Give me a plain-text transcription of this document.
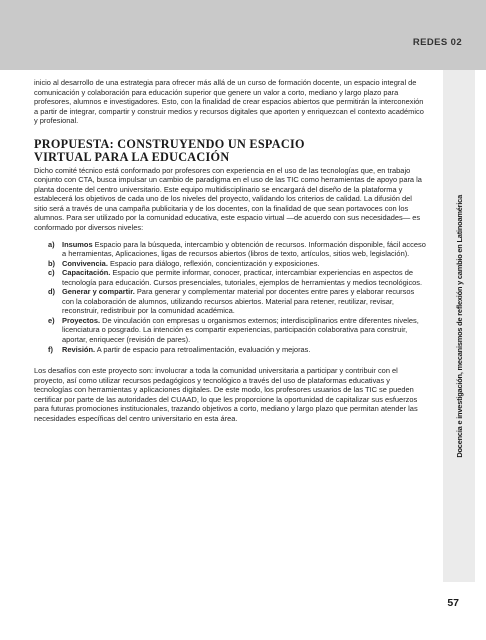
REDES 02
Docencia e investigación, mecanismos de reflexión y cambio en Latinoamérica

inicio al desarrollo de una estrategia para ofrecer más allá de un curso de formación docente, un espacio integral de comunicación y colaboración para educación superior que genere un valor a corto, mediano y largo plazo para profesores, alumnos e investigadores. Esto, con la finalidad de crear espacios abiertos que permitirán la interconexión a partir de integrar, compartir y construir medios y recursos digitales que aporten y enriquezcan el contexto académico y profesional.

PROPUESTA: CONSTRUYENDO UN ESPACIO
VIRTUAL PARA LA EDUCACIÓN

Dicho comité técnico está conformado por profesores con experiencia en el uso de las tecnologías que, en trabajo conjunto con CTA, busca impulsar un cambio de paradigma en el uso de las TIC como herramientas de apoyo para la planta docente del centro universitario. Este equipo multidisciplinario se encargará del diseño de la plataforma y establecerá los objetivos de cada uno de los niveles del proyecto, validando los criterios de calidad. La difusión del sitio será a través de una campaña publicitaria y de los docentes, con la finalidad de que sean portavoces con los alumnos. Para ser utilizado por la comunidad educativa, este espacio virtual —de acuerdo con sus necesidades— es conformado por diversos niveles:

a) Insumos Espacio para la búsqueda, intercambio y obtención de recursos. Información disponible, fácil acceso a herramientas, Aplicaciones, ligas de recursos abiertos (libros de texto, artículos, sitios web, legislación).
b) Convivencia. Espacio para diálogo, reflexión, concientización y exposiciones.
c) Capacitación. Espacio que permite informar, conocer, practicar, intercambiar experiencias en aspectos de tecnología para educación. Cursos presenciales, tutoriales, ejemplos de herramientas y medios tecnológicos.
d) Generar y compartir. Para generar y complementar material por docentes entre pares y elaborar recursos con la colaboración de alumnos, utilizando recursos abiertos. Material para retener, reutilizar, revisar, reconstruir, redistribuir por la comunidad académica.
e) Proyectos. De vinculación con empresas u organismos externos; interdisciplinarios entre diferentes niveles, licenciatura o posgrado. La intención es compartir experiencias, participación colaborativa para construir, aportar, enriquecer (revisión de pares).
f) Revisión. A partir de espacio para retroalimentación, evaluación y mejoras.

Los desafíos con este proyecto son: involucrar a toda la comunidad universitaria a participar y contribuir con el proyecto, así como utilizar recursos pedagógicos y tecnológico a través del uso de plataformas educativas y tecnologías con herramientas y aplicaciones digitales. De este modo, los profesores usuarios de las TIC se pueden certificar por parte de las autoridades del CUAAD, lo que les proporcione la oportunidad de capitalizar sus esfuerzos para futuras promociones institucionales, trazando objetivos a corto, mediano y largo plazo que permitan atender las necesidades específicas del centro universitario en esta área.

57
